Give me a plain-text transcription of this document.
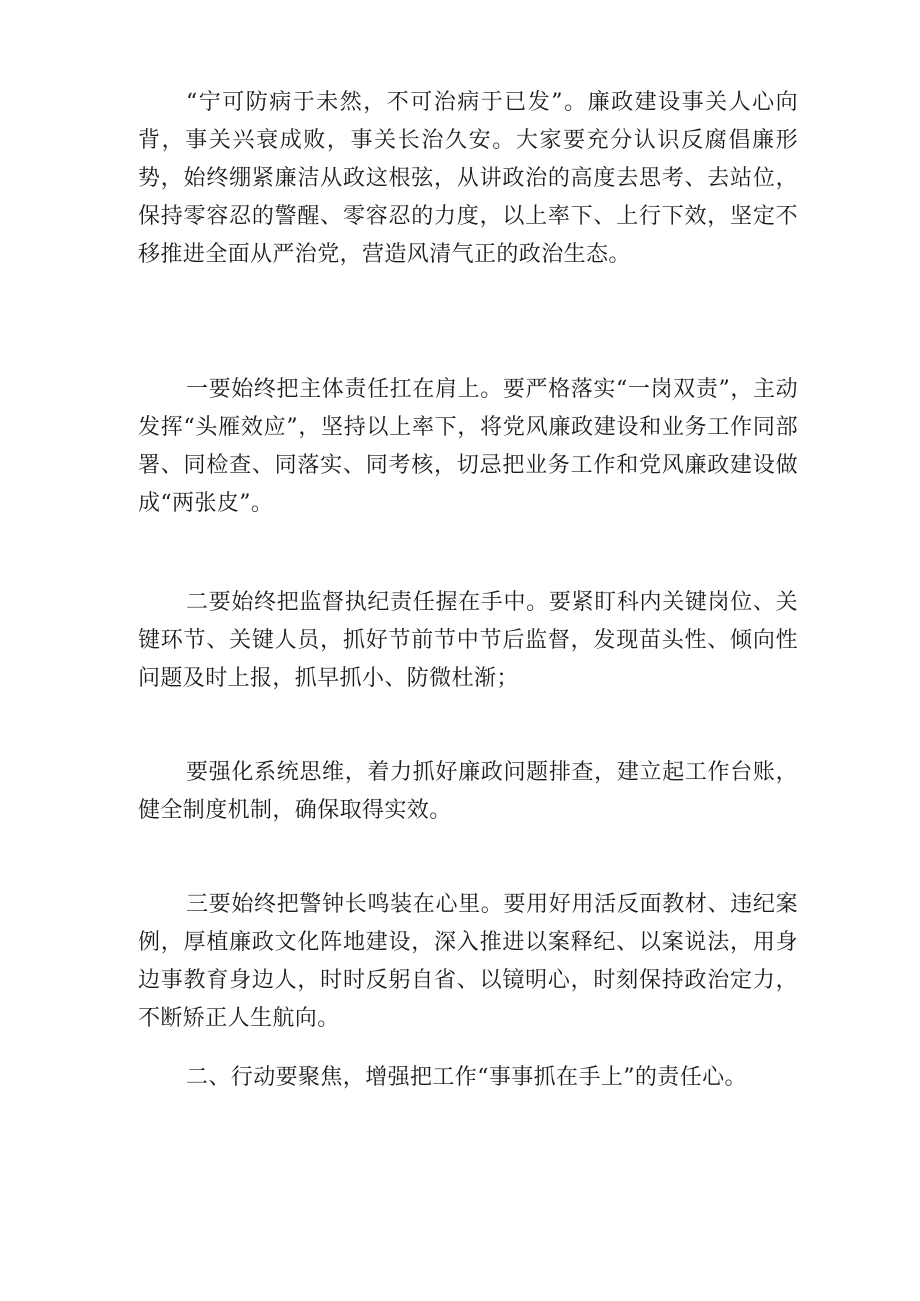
“宁可防病于未然，不可治病于已发”。廉政建设事关人心向背，事关兴衰成败，事关长治久安。大家要充分认识反腐倡廉形势，始终绷紧廉洁从政这根弦，从讲政治的高度去思考、去站位，保持零容忍的警醒、零容忍的力度，以上率下、上行下效，坚定不移推进全面从严治党，营造风清气正的政治生态。

一要始终把主体责任扛在肩上。要严格落实“一岗双责”，主动发挥“头雁效应”，坚持以上率下，将党风廉政建设和业务工作同部署、同检查、同落实、同考核，切忌把业务工作和党风廉政建设做成“两张皮”。

二要始终把监督执纪责任握在手中。要紧盯科内关键岗位、关键环节、关键人员，抓好节前节中节后监督，发现苗头性、倾向性问题及时上报，抓早抓小、防微杜渐；

要强化系统思维，着力抓好廉政问题排查，建立起工作台账，健全制度机制，确保取得实效。

三要始终把警钟长鸣装在心里。要用好用活反面教材、违纪案例，厚植廉政文化阵地建设，深入推进以案释纪、以案说法，用身边事教育身边人，时时反躬自省、以镜明心，时刻保持政治定力，不断矫正人生航向。

二、行动要聚焦，增强把工作“事事抓在手上”的责任心。
